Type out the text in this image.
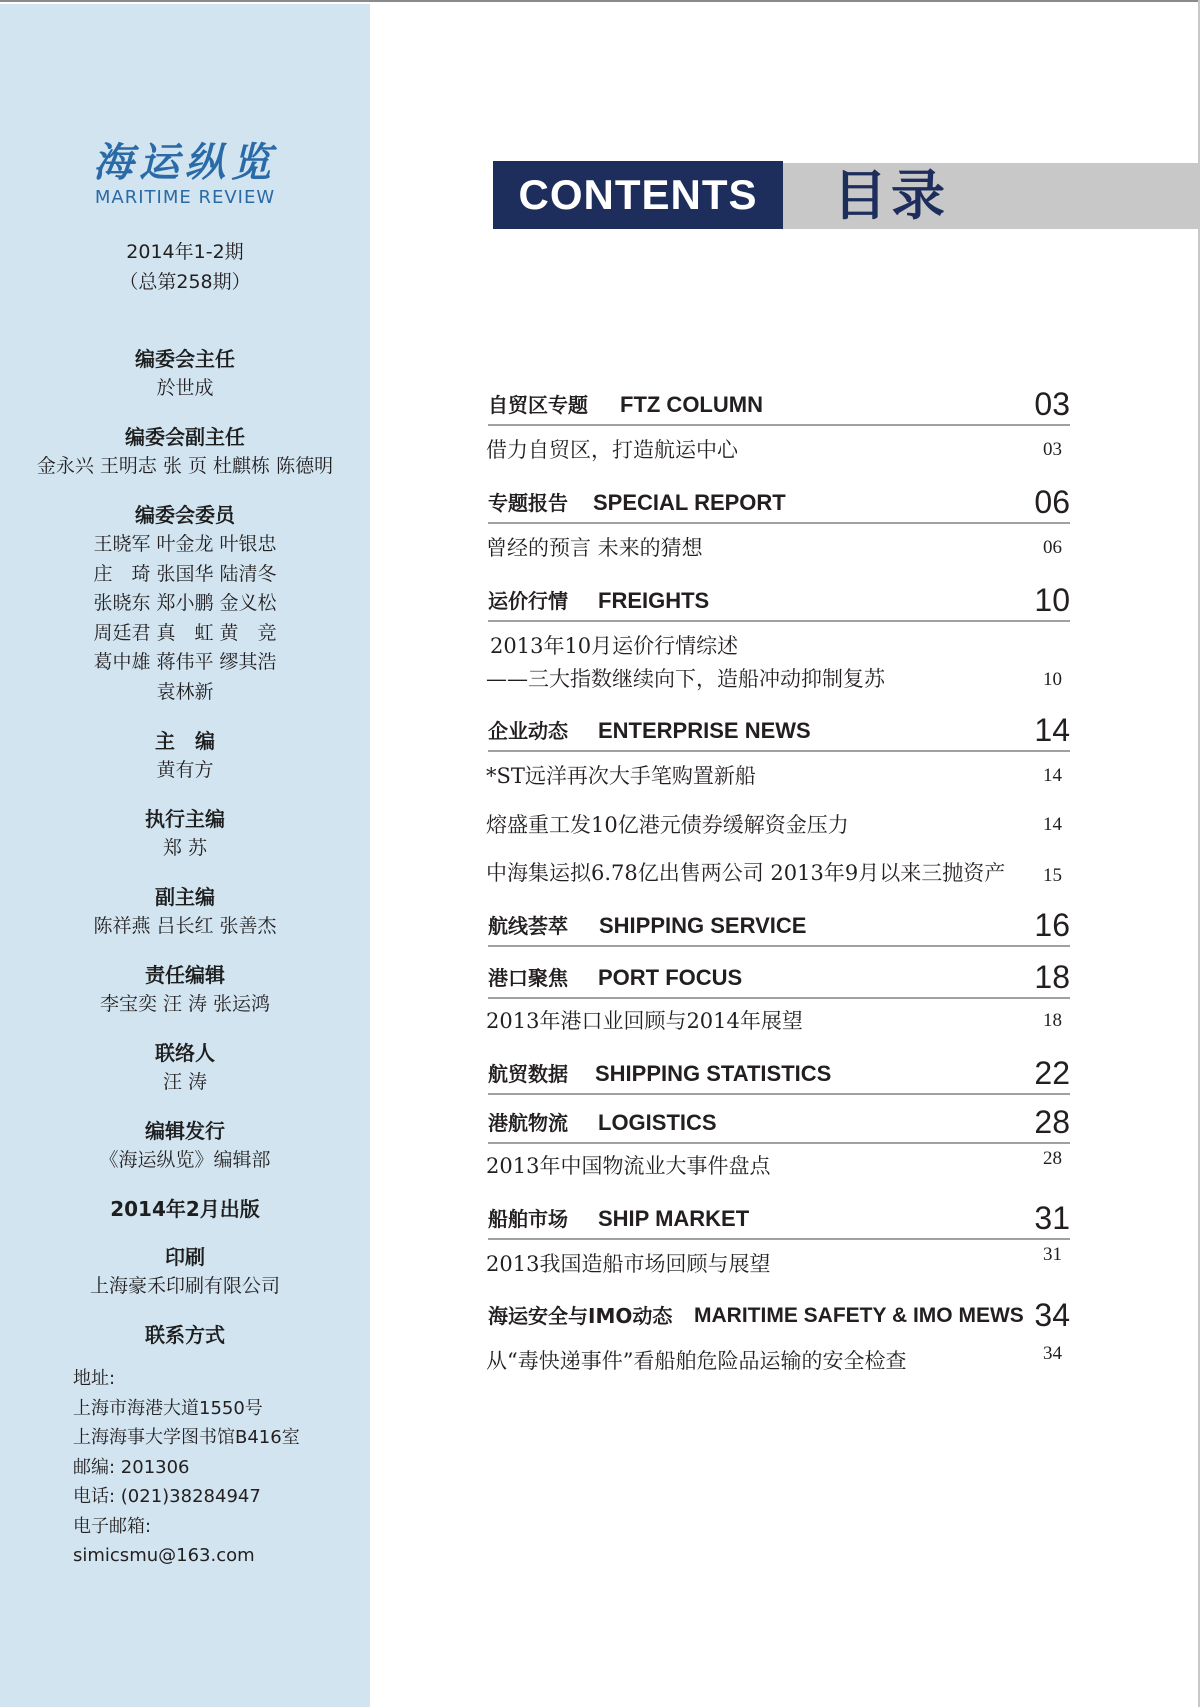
海运纵览
MARITIME REVIEW
2014年1-2期
（总第258期）
编委会主任
於世成
编委会副主任
金永兴 王明志 张 页 杜麒栋 陈德明
编委会委员
王晓军 叶金龙 叶银忠
庄　琦 张国华 陆清冬
张晓东 郑小鹏 金义松
周廷君 真　虹 黄　竞
葛中雄 蒋伟平 缪其浩
袁林新
主　编
黄有方
执行主编
郑 苏
副主编
陈祥燕 吕长红 张善杰
责任编辑
李宝奕 汪 涛 张运鸿
联络人
汪 涛
编辑发行
《海运纵览》编辑部
2014年2月出版
印刷
上海豪禾印刷有限公司
联系方式
地址:
上海市海港大道1550号
上海海事大学图书馆B416室
邮编: 201306
电话: (021)38284947
电子邮箱:
simicsmu@163.com
CONTENTS	目录
自贸区专题 FTZ COLUMN	03
借力自贸区，打造航运中心	03
专题报告 SPECIAL REPORT	06
曾经的预言 未来的猜想	06
运价行情 FREIGHTS	10
2013年10月运价行情综述
——三大指数继续向下，造船冲动抑制复苏	10
企业动态 ENTERPRISE NEWS	14
*ST远洋再次大手笔购置新船	14
熔盛重工发10亿港元债券缓解资金压力	14
中海集运拟6.78亿出售两公司 2013年9月以来三抛资产	15
航线荟萃 SHIPPING SERVICE	16
港口聚焦 PORT FOCUS	18
2013年港口业回顾与2014年展望	18
航贸数据 SHIPPING STATISTICS	22
港航物流 LOGISTICS	28
2013年中国物流业大事件盘点	28
船舶市场 SHIP MARKET	31
2013我国造船市场回顾与展望	31
海运安全与IMO动态 MARITIME SAFETY & IMO MEWS 34
从“毒快递事件”看船舶危险品运输的安全检查	34
